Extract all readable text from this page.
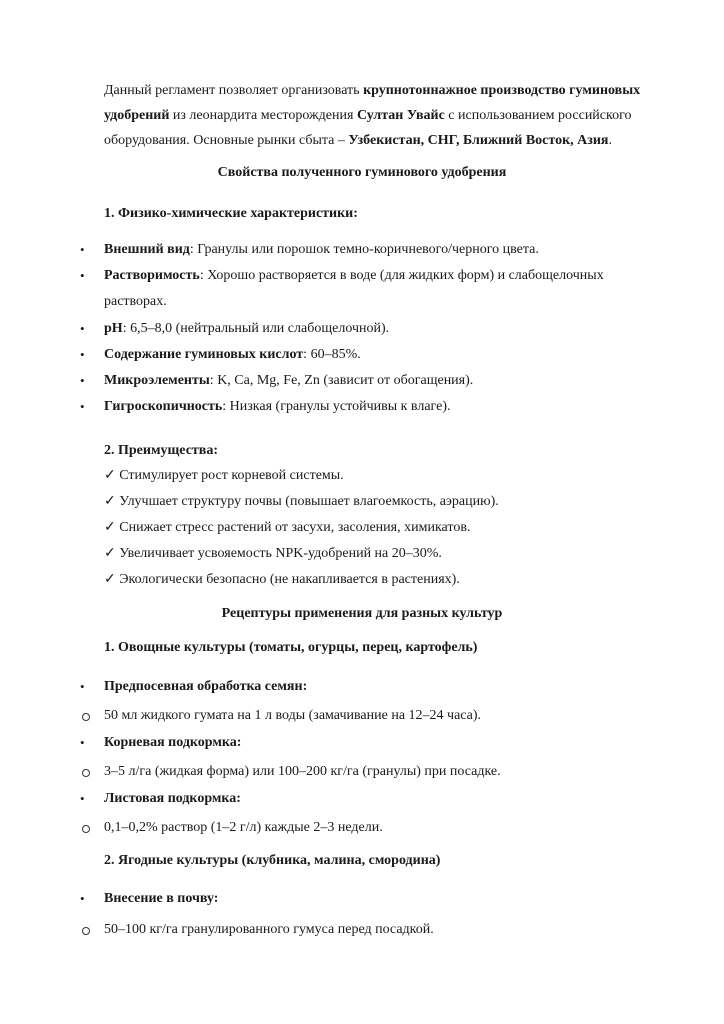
Данный регламент позволяет организовать крупнотоннажное производство гуминовых удобрений из леонардита месторождения Султан Увайс с использованием российского оборудования. Основные рынки сбыта – Узбекистан, СНГ, Ближний Восток, Азия.

Свойства полученного гуминового удобрения

1. Физико-химические характеристики:

• Внешний вид: Гранулы или порошок темно-коричневого/черного цвета.

• Растворимость: Хорошо растворяется в воде (для жидких форм) и слабощелочных растворах.

• pH: 6,5–8,0 (нейтральный или слабощелочной).

• Содержание гуминовых кислот: 60–85%.

• Микроэлементы: K, Ca, Mg, Fe, Zn (зависит от обогащения).

• Гигроскопичность: Низкая (гранулы устойчивы к влаге).

2. Преимущества:

✓ Стимулирует рост корневой системы.

✓ Улучшает структуру почвы (повышает влагоемкость, аэрацию).

✓ Снижает стресс растений от засухи, засоления, химикатов.

✓ Увеличивает усвояемость NPK-удобрений на 20–30%.

✓ Экологически безопасно (не накапливается в растениях).

Рецептуры применения для разных культур

1. Овощные культуры (томаты, огурцы, перец, картофель)

• Предпосевная обработка семян:

50 мл жидкого гумата на 1 л воды (замачивание на 12–24 часа).

• Корневая подкормка:

3–5 л/га (жидкая форма) или 100–200 кг/га (гранулы) при посадке.

• Листовая подкормка:

0,1–0,2% раствор (1–2 г/л) каждые 2–3 недели.

2. Ягодные культуры (клубника, малина, смородина)

• Внесение в почву:

50–100 кг/га гранулированного гумуса перед посадкой.
